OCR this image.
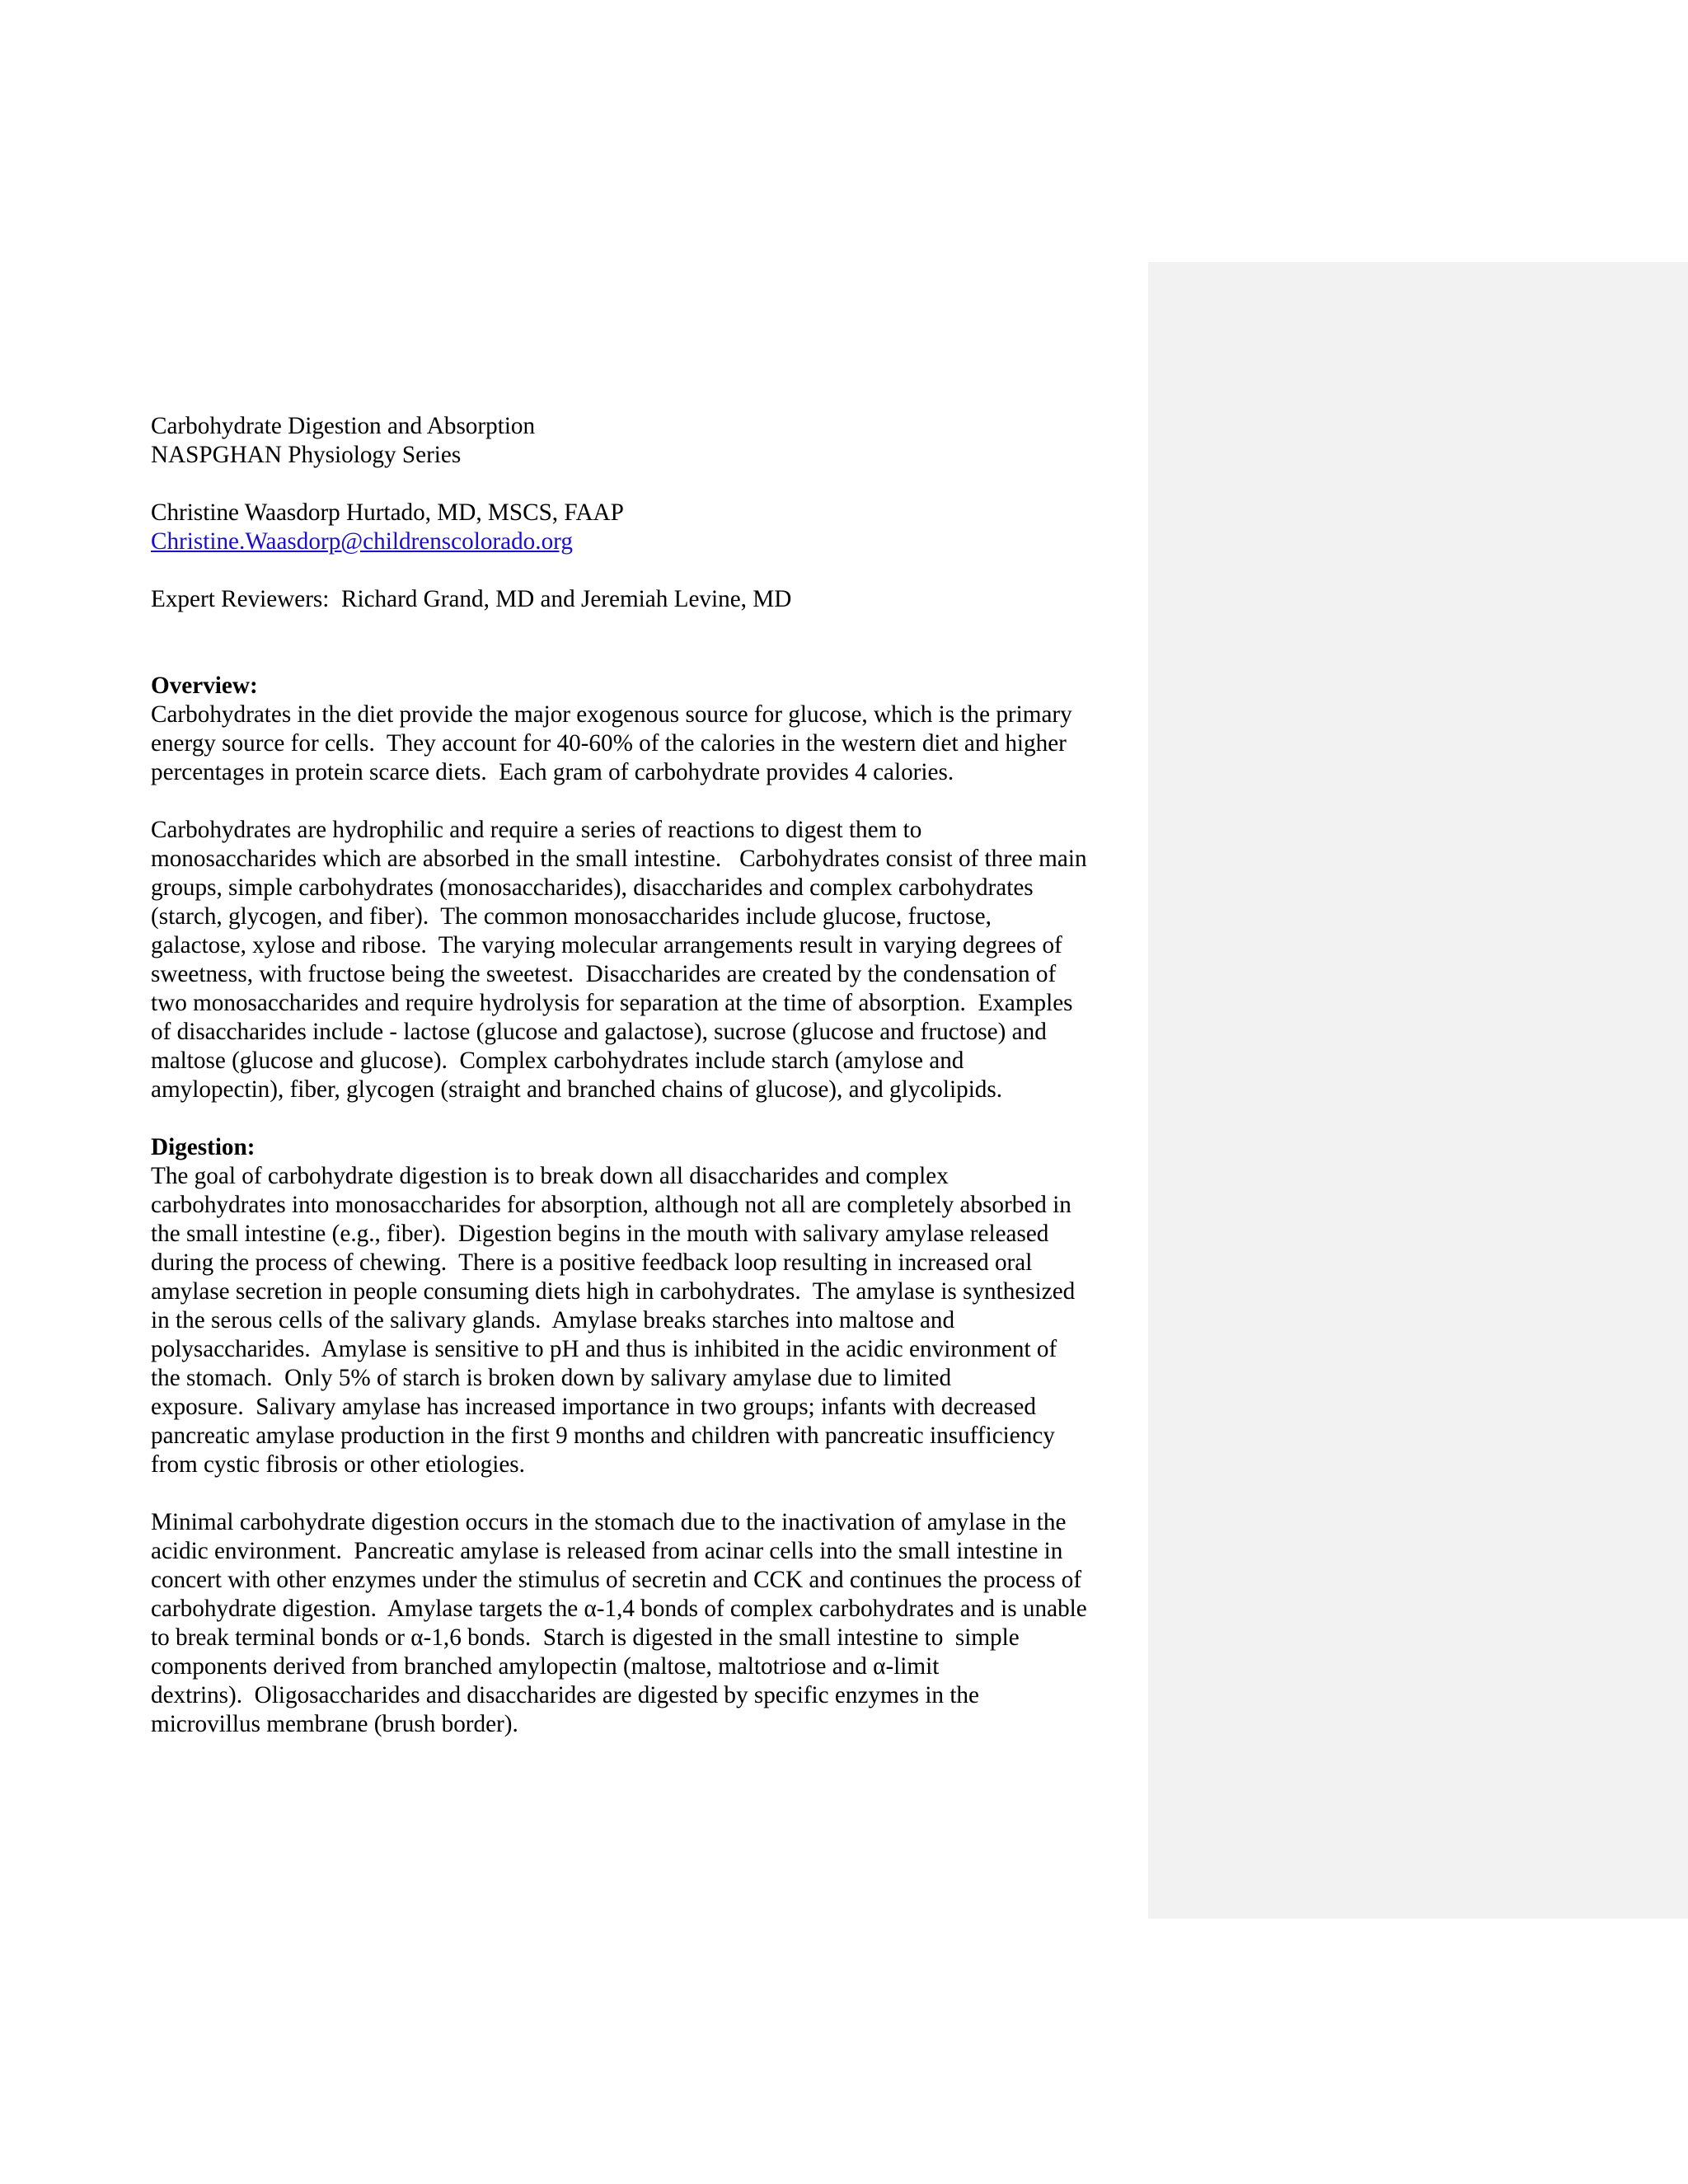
Carbohydrate Digestion and Absorption
NASPGHAN Physiology Series
Christine Waasdorp Hurtado, MD, MSCS, FAAP
Christine.Waasdorp@childrenscolorado.org
Expert Reviewers:  Richard Grand, MD and Jeremiah Levine, MD
Overview:
Carbohydrates in the diet provide the major exogenous source for glucose, which is the primary
energy source for cells.  They account for 40-60% of the calories in the western diet and higher
percentages in protein scarce diets.  Each gram of carbohydrate provides 4 calories.
Carbohydrates are hydrophilic and require a series of reactions to digest them to
monosaccharides which are absorbed in the small intestine.   Carbohydrates consist of three main
groups, simple carbohydrates (monosaccharides), disaccharides and complex carbohydrates
(starch, glycogen, and fiber).  The common monosaccharides include glucose, fructose,
galactose, xylose and ribose.  The varying molecular arrangements result in varying degrees of
sweetness, with fructose being the sweetest.  Disaccharides are created by the condensation of
two monosaccharides and require hydrolysis for separation at the time of absorption.  Examples
of disaccharides include - lactose (glucose and galactose), sucrose (glucose and fructose) and
maltose (glucose and glucose).  Complex carbohydrates include starch (amylose and
amylopectin), fiber, glycogen (straight and branched chains of glucose), and glycolipids.
Digestion:
The goal of carbohydrate digestion is to break down all disaccharides and complex
carbohydrates into monosaccharides for absorption, although not all are completely absorbed in
the small intestine (e.g., fiber).  Digestion begins in the mouth with salivary amylase released
during the process of chewing.  There is a positive feedback loop resulting in increased oral
amylase secretion in people consuming diets high in carbohydrates.  The amylase is synthesized
in the serous cells of the salivary glands.  Amylase breaks starches into maltose and
polysaccharides.  Amylase is sensitive to pH and thus is inhibited in the acidic environment of
the stomach.  Only 5% of starch is broken down by salivary amylase due to limited
exposure.  Salivary amylase has increased importance in two groups; infants with decreased
pancreatic amylase production in the first 9 months and children with pancreatic insufficiency
from cystic fibrosis or other etiologies.
Minimal carbohydrate digestion occurs in the stomach due to the inactivation of amylase in the
acidic environment.  Pancreatic amylase is released from acinar cells into the small intestine in
concert with other enzymes under the stimulus of secretin and CCK and continues the process of
carbohydrate digestion.  Amylase targets the α-1,4 bonds of complex carbohydrates and is unable
to break terminal bonds or α-1,6 bonds.  Starch is digested in the small intestine to  simple
components derived from branched amylopectin (maltose, maltotriose and α-limit
dextrins).  Oligosaccharides and disaccharides are digested by specific enzymes in the
microvillus membrane (brush border).
